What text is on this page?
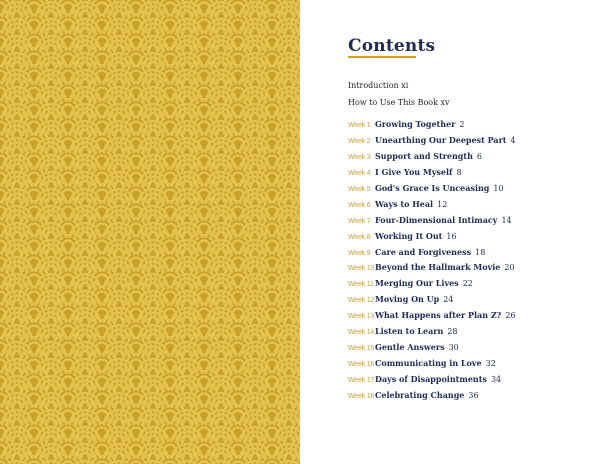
Contents
Introduction xi
How to Use This Book xv
Week 1 Growing Together 2
Week 2 Unearthing Our Deepest Part 4
Week 3 Support and Strength 6
Week 4 I Give You Myself 8
Week 5 God's Grace Is Unceasing 10
Week 6 Ways to Heal 12
Week 7 Four-Dimensional Intimacy 14
Week 8 Working It Out 16
Week 9 Care and Forgiveness 18
Week 10 Beyond the Hallmark Movie 20
Week 11 Merging Our Lives 22
Week 12 Moving On Up 24
Week 13 What Happens after Plan Z? 26
Week 14 Listen to Learn 28
Week 15 Gentle Answers 30
Week 16 Communicating in Love 32
Week 17 Days of Disappointments 34
Week 18 Celebrating Change 36
